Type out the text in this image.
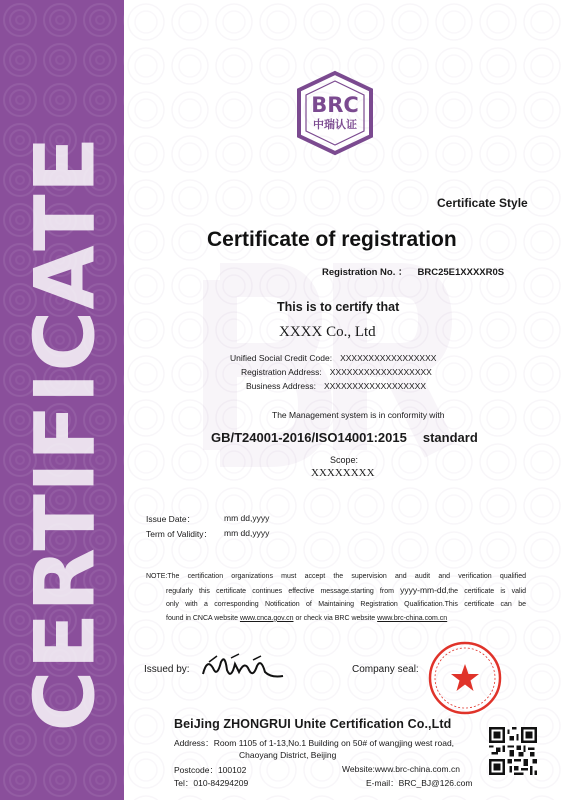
CERTIFICATE
BRC
中瑞认证
Certificate Style
Certificate of registration
Registration No. ： BRC25E1XXXXR0S
This is to certify that
XXXX Co., Ltd
Unified Social Credit Code: XXXXXXXXXXXXXXXXX
Registration Address: XXXXXXXXXXXXXXXXXX
Business Address: XXXXXXXXXXXXXXXXXX
The Management system is in conformity with
GB/T24001-2016/ISO14001:2015 standard
Scope:
XXXXXXXX
Issue Date：	mm dd,yyyy
Term of Validity： mm dd,yyyy
NOTE:The certification organizations must accept the supervision and audit and verification qualified
regularly this certificate continues effective message.starting from yyyy-mm-dd,the certificate is valid
only with a corresponding Notification of Maintaining Registration Qualification.This certificate can be
found in CNCA website www.cnca.gov.cn or check via BRC website www.brc-china.com.cn
Issued by:	Company seal:
BeiJing ZHONGRUI Unite Certification Co.,Ltd
Address：Room 1105 of 1-13,No.1 Building on 50# of wangjing west road,
Chaoyang District, Beijing
Postcode：100102	Website:www.brc-china.com.cn
Tel：010-84294209	E-mail：BRC_BJ@126.com
